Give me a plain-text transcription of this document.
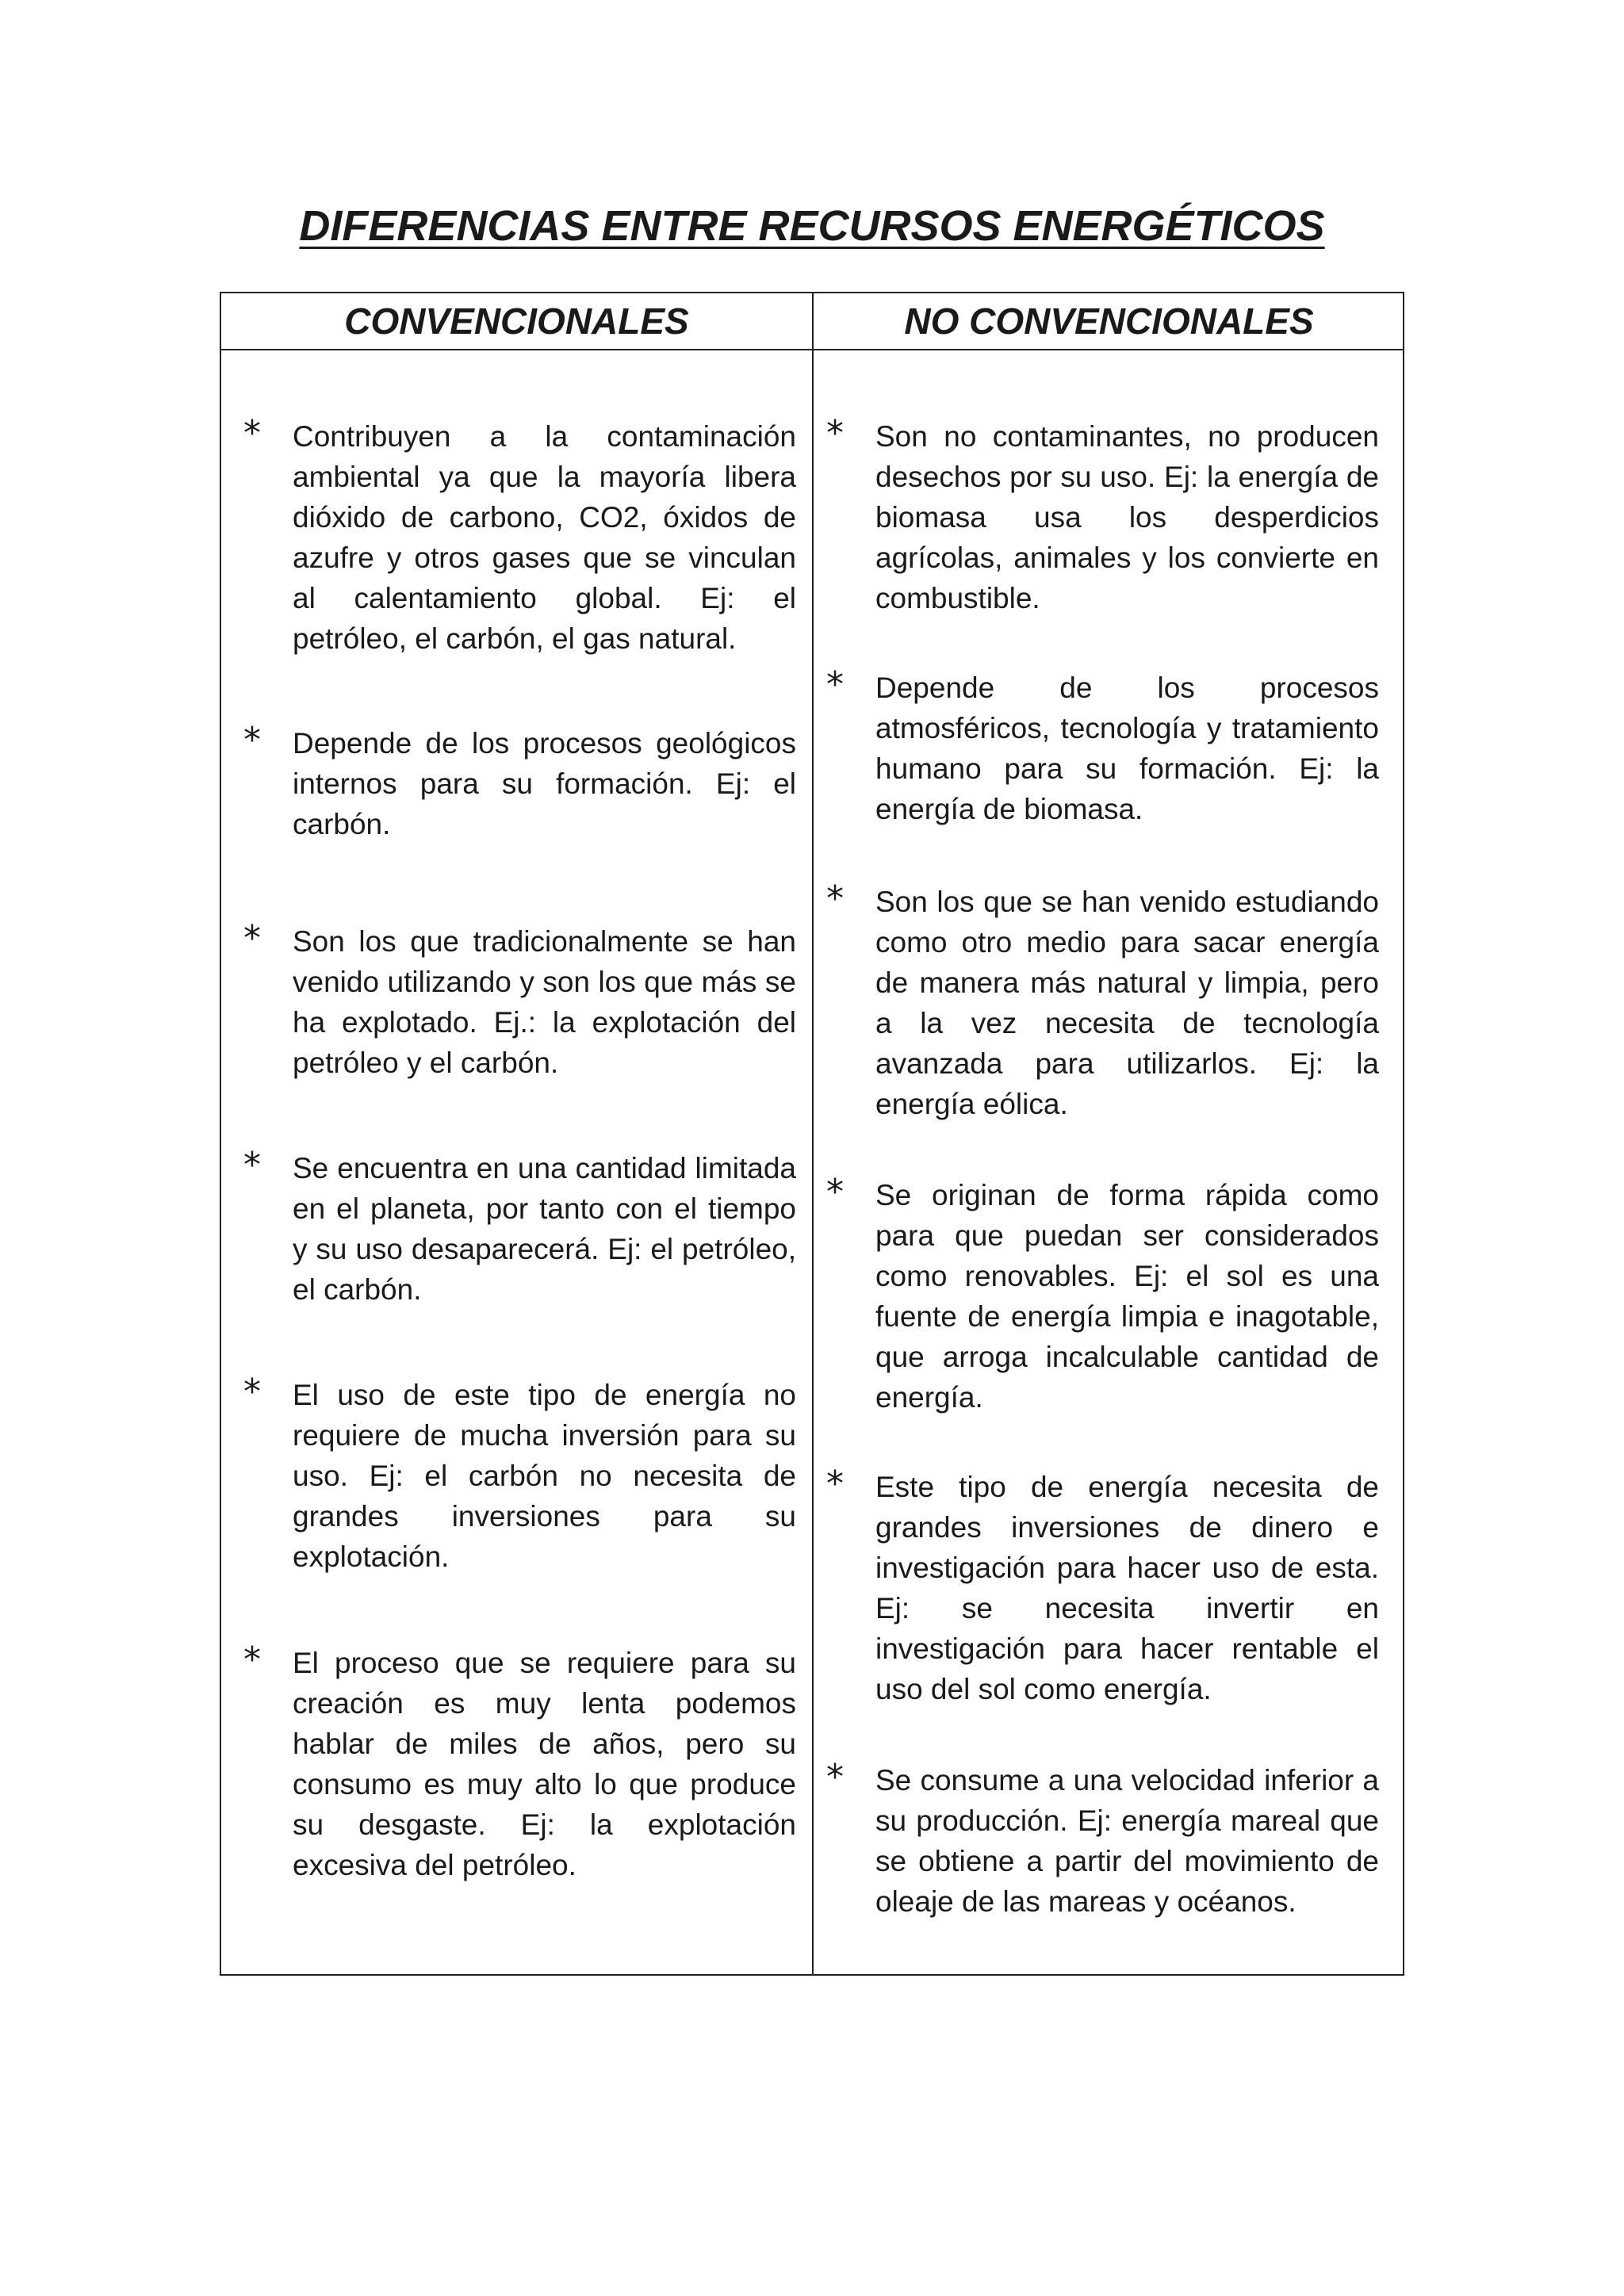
DIFERENCIAS ENTRE RECURSOS ENERGÉTICOS
CONVENCIONALES	NO CONVENCIONALES
* Contribuyen a la contaminación ambiental ya que la mayoría libera dióxido de carbono, CO2, óxidos de azufre y otros gases que se vinculan al calentamiento global. Ej: el petróleo, el carbón, el gas natural.
* Depende de los procesos geológicos internos para su formación. Ej: el carbón.
* Son los que tradicionalmente se han venido utilizando y son los que más se ha explotado. Ej.: la explotación del petróleo y el carbón.
* Se encuentra en una cantidad limitada en el planeta, por tanto con el tiempo y su uso desaparecerá. Ej: el petróleo, el carbón.
* El uso de este tipo de energía no requiere de mucha inversión para su uso. Ej: el carbón no necesita de grandes inversiones para su explotación.
* El proceso que se requiere para su creación es muy lenta podemos hablar de miles de años, pero su consumo es muy alto lo que produce su desgaste. Ej: la explotación excesiva del petróleo.
* Son no contaminantes, no producen desechos por su uso. Ej: la energía de biomasa usa los desperdicios agrícolas, animales y los convierte en combustible.
* Depende de los procesos atmosféricos, tecnología y tratamiento humano para su formación. Ej: la energía de biomasa.
* Son los que se han venido estudiando como otro medio para sacar energía de manera más natural y limpia, pero a la vez necesita de tecnología avanzada para utilizarlos. Ej: la energía eólica.
* Se originan de forma rápida como para que puedan ser considerados como renovables. Ej: el sol es una fuente de energía limpia e inagotable, que arroga incalculable cantidad de energía.
* Este tipo de energía necesita de grandes inversiones de dinero e investigación para hacer uso de esta. Ej: se necesita invertir en investigación para hacer rentable el uso del sol como energía.
* Se consume a una velocidad inferior a su producción. Ej: energía mareal que se obtiene a partir del movimiento de oleaje de las mareas y océanos.
